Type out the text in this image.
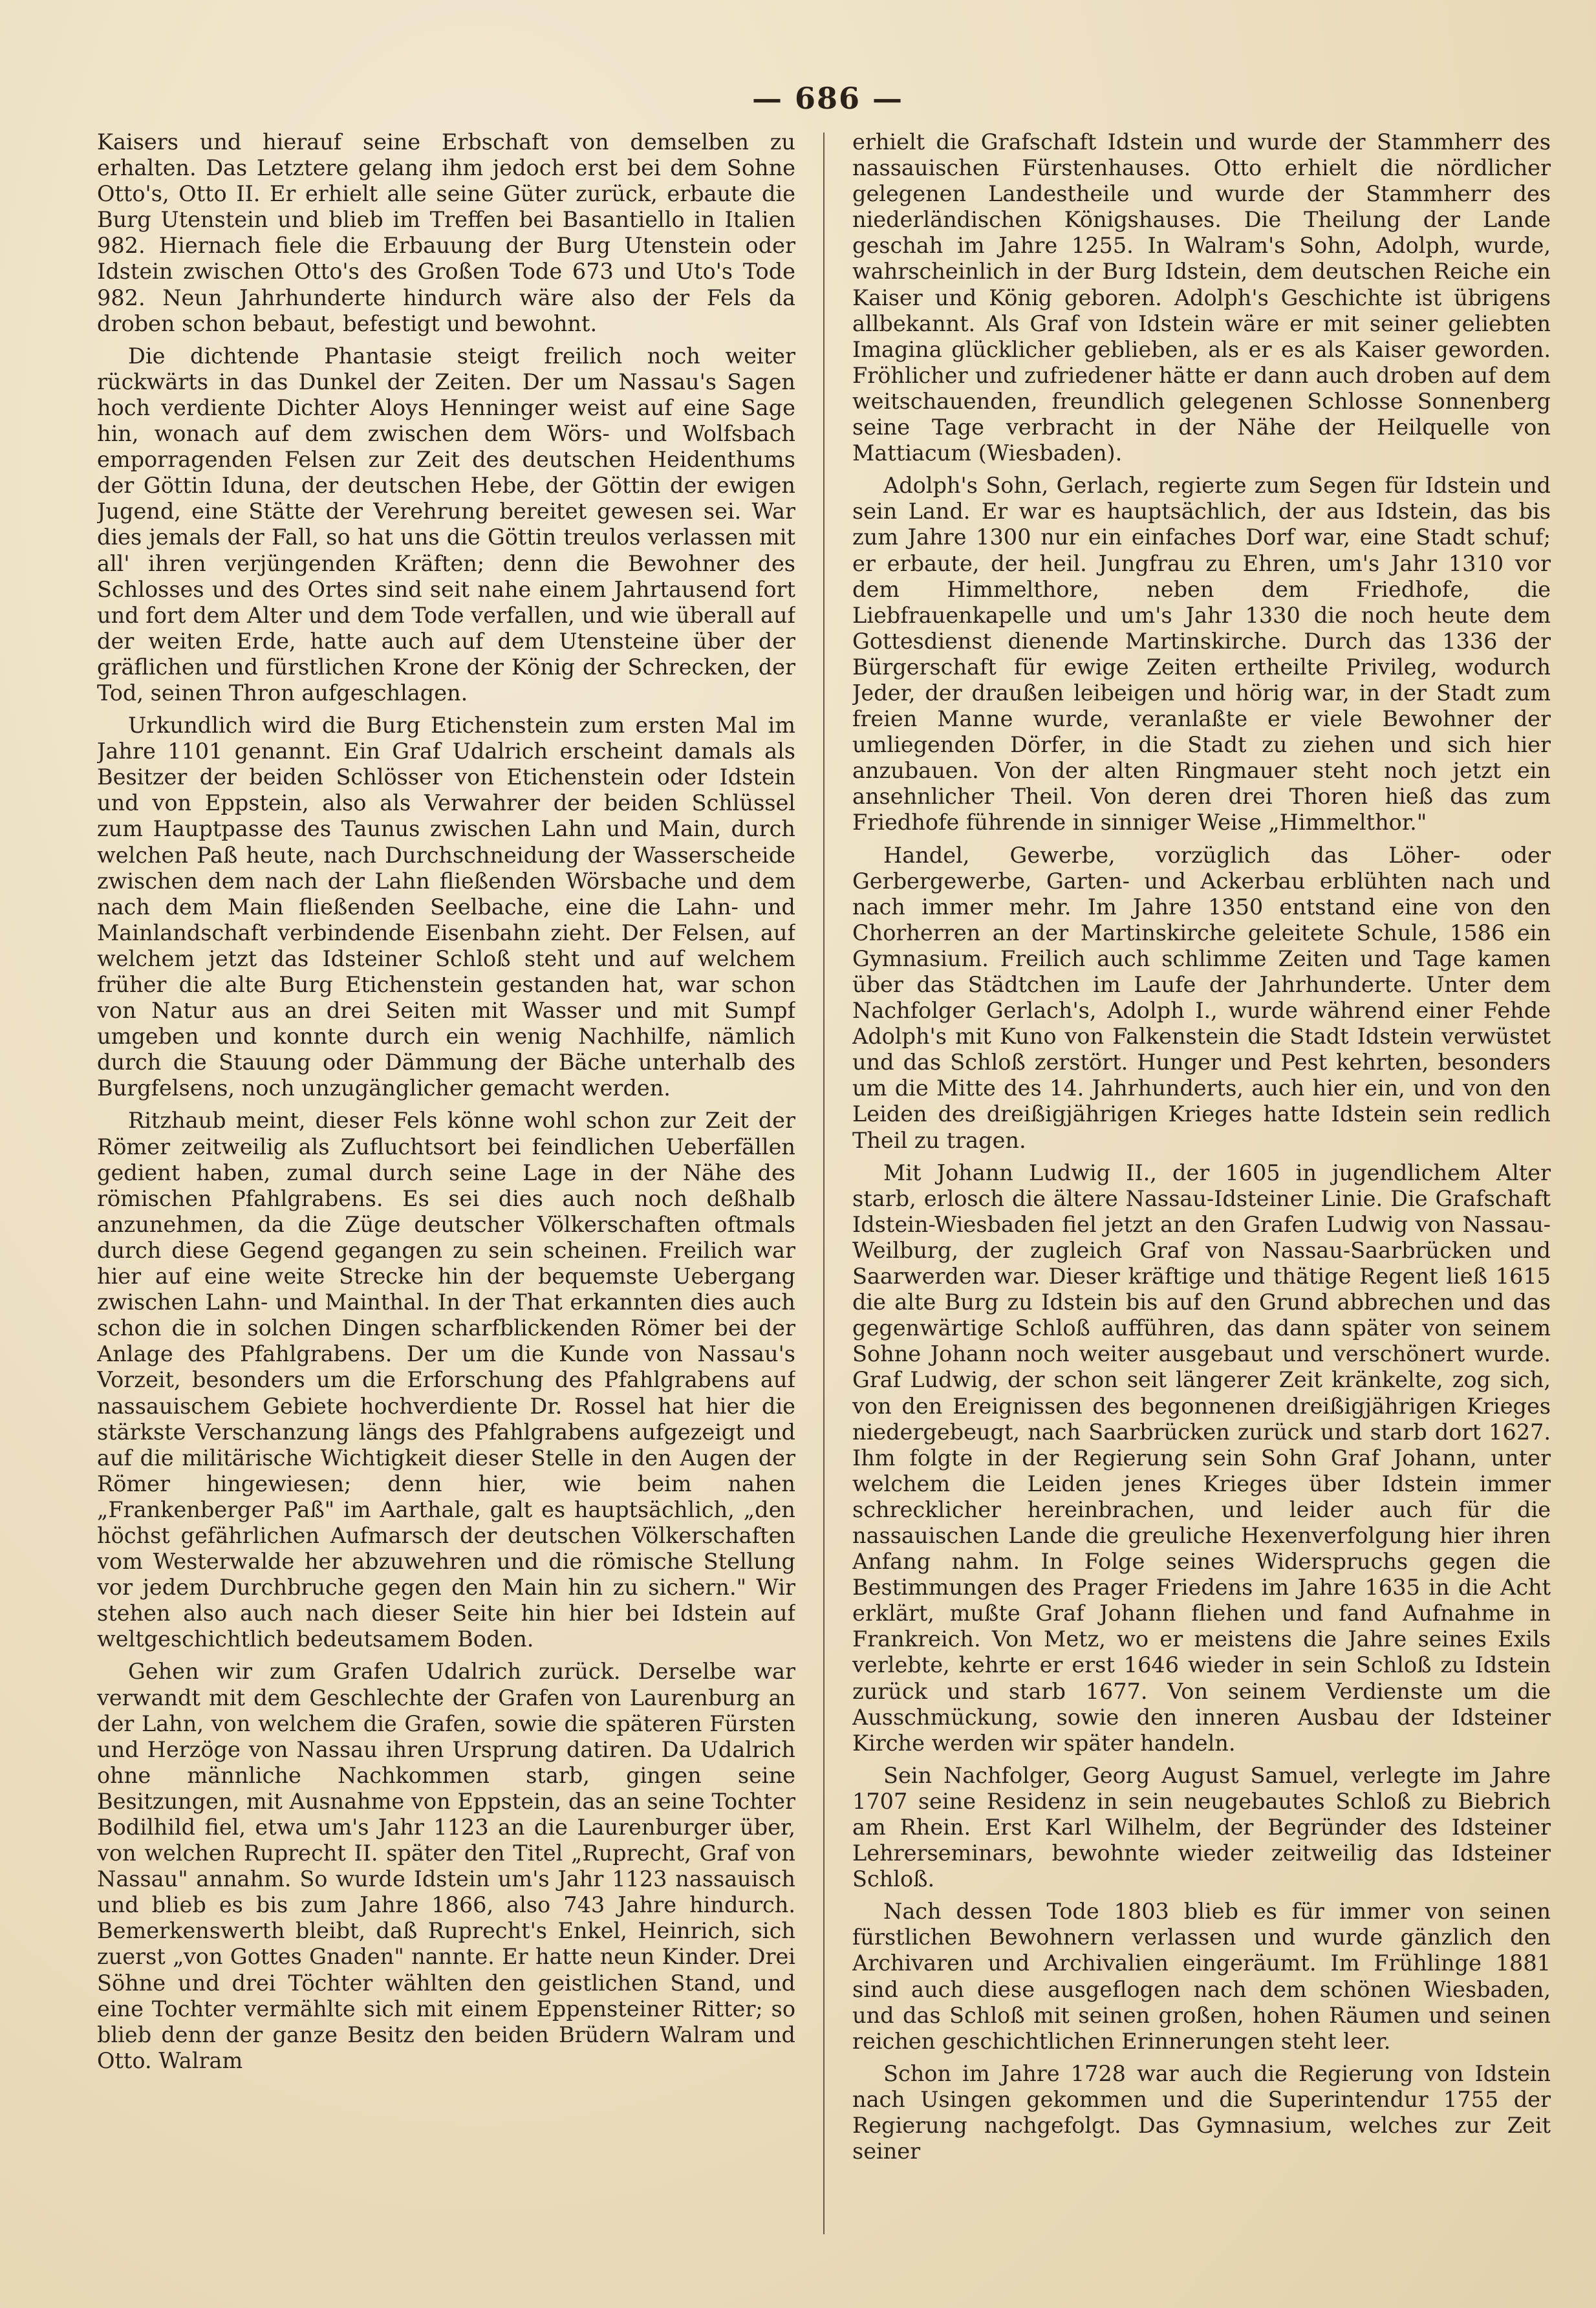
— 686 —

Kaisers und hierauf seine Erbschaft von demselben zu erhalten. Das Letztere gelang ihm jedoch erst bei dem Sohne Otto's, Otto II. Er erhielt alle seine Güter zurück, erbaute die Burg Utenstein und blieb im Treffen bei Basantiello in Italien 982. Hiernach fiele die Erbauung der Burg Utenstein oder Idstein zwischen Otto's des Großen Tode 673 und Uto's Tode 982. Neun Jahrhunderte hindurch wäre also der Fels da droben schon bebaut, befestigt und bewohnt.

Die dichtende Phantasie steigt freilich noch weiter rückwärts in das Dunkel der Zeiten. Der um Nassau's Sagen hoch verdiente Dichter Aloys Henninger weist auf eine Sage hin, wonach auf dem zwischen dem Wörs- und Wolfsbach emporragenden Felsen zur Zeit des deutschen Heidenthums der Göttin Iduna, der deutschen Hebe, der Göttin der ewigen Jugend, eine Stätte der Verehrung bereitet gewesen sei. War dies jemals der Fall, so hat uns die Göttin treulos verlassen mit all' ihren verjüngenden Kräften; denn die Bewohner des Schlosses und des Ortes sind seit nahe einem Jahrtausend fort und fort dem Alter und dem Tode verfallen, und wie überall auf der weiten Erde, hatte auch auf dem Utensteine über der gräflichen und fürstlichen Krone der König der Schrecken, der Tod, seinen Thron aufgeschlagen.

Urkundlich wird die Burg Etichenstein zum ersten Mal im Jahre 1101 genannt. Ein Graf Udalrich erscheint damals als Besitzer der beiden Schlösser von Etichenstein oder Idstein und von Eppstein, also als Verwahrer der beiden Schlüssel zum Hauptpasse des Taunus zwischen Lahn und Main, durch welchen Paß heute, nach Durchschneidung der Wasserscheide zwischen dem nach der Lahn fließenden Wörsbache und dem nach dem Main fließenden Seelbache, eine die Lahn- und Mainlandschaft verbindende Eisenbahn zieht. Der Felsen, auf welchem jetzt das Idsteiner Schloß steht und auf welchem früher die alte Burg Etichenstein gestanden hat, war schon von Natur aus an drei Seiten mit Wasser und mit Sumpf umgeben und konnte durch ein wenig Nachhilfe, nämlich durch die Stauung oder Dämmung der Bäche unterhalb des Burgfelsens, noch unzugänglicher gemacht werden.

Ritzhaub meint, dieser Fels könne wohl schon zur Zeit der Römer zeitweilig als Zufluchtsort bei feindlichen Ueberfällen gedient haben, zumal durch seine Lage in der Nähe des römischen Pfahlgrabens. Es sei dies auch noch deßhalb anzunehmen, da die Züge deutscher Völkerschaften oftmals durch diese Gegend gegangen zu sein scheinen. Freilich war hier auf eine weite Strecke hin der bequemste Uebergang zwischen Lahn- und Mainthal. In der That erkannten dies auch schon die in solchen Dingen scharfblickenden Römer bei der Anlage des Pfahlgrabens. Der um die Kunde von Nassau's Vorzeit, besonders um die Erforschung des Pfahlgrabens auf nassauischem Gebiete hochverdiente Dr. Rossel hat hier die stärkste Verschanzung längs des Pfahlgrabens aufgezeigt und auf die militärische Wichtigkeit dieser Stelle in den Augen der Römer hingewiesen; denn hier, wie beim nahen „Frankenberger Paß" im Aarthale, galt es hauptsächlich, „den höchst gefährlichen Aufmarsch der deutschen Völkerschaften vom Westerwalde her abzuwehren und die römische Stellung vor jedem Durchbruche gegen den Main hin zu sichern." Wir stehen also auch nach dieser Seite hin hier bei Idstein auf weltgeschichtlich bedeutsamem Boden.

Gehen wir zum Grafen Udalrich zurück. Derselbe war verwandt mit dem Geschlechte der Grafen von Laurenburg an der Lahn, von welchem die Grafen, sowie die späteren Fürsten und Herzöge von Nassau ihren Ursprung datiren. Da Udalrich ohne männliche Nachkommen starb, gingen seine Besitzungen, mit Ausnahme von Eppstein, das an seine Tochter Bodilhild fiel, etwa um's Jahr 1123 an die Laurenburger über, von welchen Ruprecht II. später den Titel „Ruprecht, Graf von Nassau" annahm. So wurde Idstein um's Jahr 1123 nassauisch und blieb es bis zum Jahre 1866, also 743 Jahre hindurch. Bemerkenswerth bleibt, daß Ruprecht's Enkel, Heinrich, sich zuerst „von Gottes Gnaden" nannte. Er hatte neun Kinder. Drei Söhne und drei Töchter wählten den geistlichen Stand, und eine Tochter vermählte sich mit einem Eppensteiner Ritter; so blieb denn der ganze Besitz den beiden Brüdern Walram und Otto. Walram

erhielt die Grafschaft Idstein und wurde der Stammherr des nassauischen Fürstenhauses. Otto erhielt die nördlicher gelegenen Landestheile und wurde der Stammherr des niederländischen Königshauses. Die Theilung der Lande geschah im Jahre 1255. In Walram's Sohn, Adolph, wurde, wahrscheinlich in der Burg Idstein, dem deutschen Reiche ein Kaiser und König geboren. Adolph's Geschichte ist übrigens allbekannt. Als Graf von Idstein wäre er mit seiner geliebten Imagina glücklicher geblieben, als er es als Kaiser geworden. Fröhlicher und zufriedener hätte er dann auch droben auf dem weitschauenden, freundlich gelegenen Schlosse Sonnenberg seine Tage verbracht in der Nähe der Heilquelle von Mattiacum (Wiesbaden).

Adolph's Sohn, Gerlach, regierte zum Segen für Idstein und sein Land. Er war es hauptsächlich, der aus Idstein, das bis zum Jahre 1300 nur ein einfaches Dorf war, eine Stadt schuf; er erbaute, der heil. Jungfrau zu Ehren, um's Jahr 1310 vor dem Himmelthore, neben dem Friedhofe, die Liebfrauenkapelle und um's Jahr 1330 die noch heute dem Gottesdienst dienende Martinskirche. Durch das 1336 der Bürgerschaft für ewige Zeiten ertheilte Privileg, wodurch Jeder, der draußen leibeigen und hörig war, in der Stadt zum freien Manne wurde, veranlaßte er viele Bewohner der umliegenden Dörfer, in die Stadt zu ziehen und sich hier anzubauen. Von der alten Ringmauer steht noch jetzt ein ansehnlicher Theil. Von deren drei Thoren hieß das zum Friedhofe führende in sinniger Weise „Himmelthor."

Handel, Gewerbe, vorzüglich das Löher- oder Gerbergewerbe, Garten- und Ackerbau erblühten nach und nach immer mehr. Im Jahre 1350 entstand eine von den Chorherren an der Martinskirche geleitete Schule, 1586 ein Gymnasium. Freilich auch schlimme Zeiten und Tage kamen über das Städtchen im Laufe der Jahrhunderte. Unter dem Nachfolger Gerlach's, Adolph I., wurde während einer Fehde Adolph's mit Kuno von Falkenstein die Stadt Idstein verwüstet und das Schloß zerstört. Hunger und Pest kehrten, besonders um die Mitte des 14. Jahrhunderts, auch hier ein, und von den Leiden des dreißigjährigen Krieges hatte Idstein sein redlich Theil zu tragen.

Mit Johann Ludwig II., der 1605 in jugendlichem Alter starb, erlosch die ältere Nassau-Idsteiner Linie. Die Grafschaft Idstein-Wiesbaden fiel jetzt an den Grafen Ludwig von Nassau-Weilburg, der zugleich Graf von Nassau-Saarbrücken und Saarwerden war. Dieser kräftige und thätige Regent ließ 1615 die alte Burg zu Idstein bis auf den Grund abbrechen und das gegenwärtige Schloß aufführen, das dann später von seinem Sohne Johann noch weiter ausgebaut und verschönert wurde. Graf Ludwig, der schon seit längerer Zeit kränkelte, zog sich, von den Ereignissen des begonnenen dreißigjährigen Krieges niedergebeugt, nach Saarbrücken zurück und starb dort 1627. Ihm folgte in der Regierung sein Sohn Graf Johann, unter welchem die Leiden jenes Krieges über Idstein immer schrecklicher hereinbrachen, und leider auch für die nassauischen Lande die greuliche Hexenverfolgung hier ihren Anfang nahm. In Folge seines Widerspruchs gegen die Bestimmungen des Prager Friedens im Jahre 1635 in die Acht erklärt, mußte Graf Johann fliehen und fand Aufnahme in Frankreich. Von Metz, wo er meistens die Jahre seines Exils verlebte, kehrte er erst 1646 wieder in sein Schloß zu Idstein zurück und starb 1677. Von seinem Verdienste um die Ausschmückung, sowie den inneren Ausbau der Idsteiner Kirche werden wir später handeln.

Sein Nachfolger, Georg August Samuel, verlegte im Jahre 1707 seine Residenz in sein neugebautes Schloß zu Biebrich am Rhein. Erst Karl Wilhelm, der Begründer des Idsteiner Lehrerseminars, bewohnte wieder zeitweilig das Idsteiner Schloß.

Nach dessen Tode 1803 blieb es für immer von seinen fürstlichen Bewohnern verlassen und wurde gänzlich den Archivaren und Archivalien eingeräumt. Im Frühlinge 1881 sind auch diese ausgeflogen nach dem schönen Wiesbaden, und das Schloß mit seinen großen, hohen Räumen und seinen reichen geschichtlichen Erinnerungen steht leer.

Schon im Jahre 1728 war auch die Regierung von Idstein nach Usingen gekommen und die Superintendur 1755 der Regierung nachgefolgt. Das Gymnasium, welches zur Zeit seiner
